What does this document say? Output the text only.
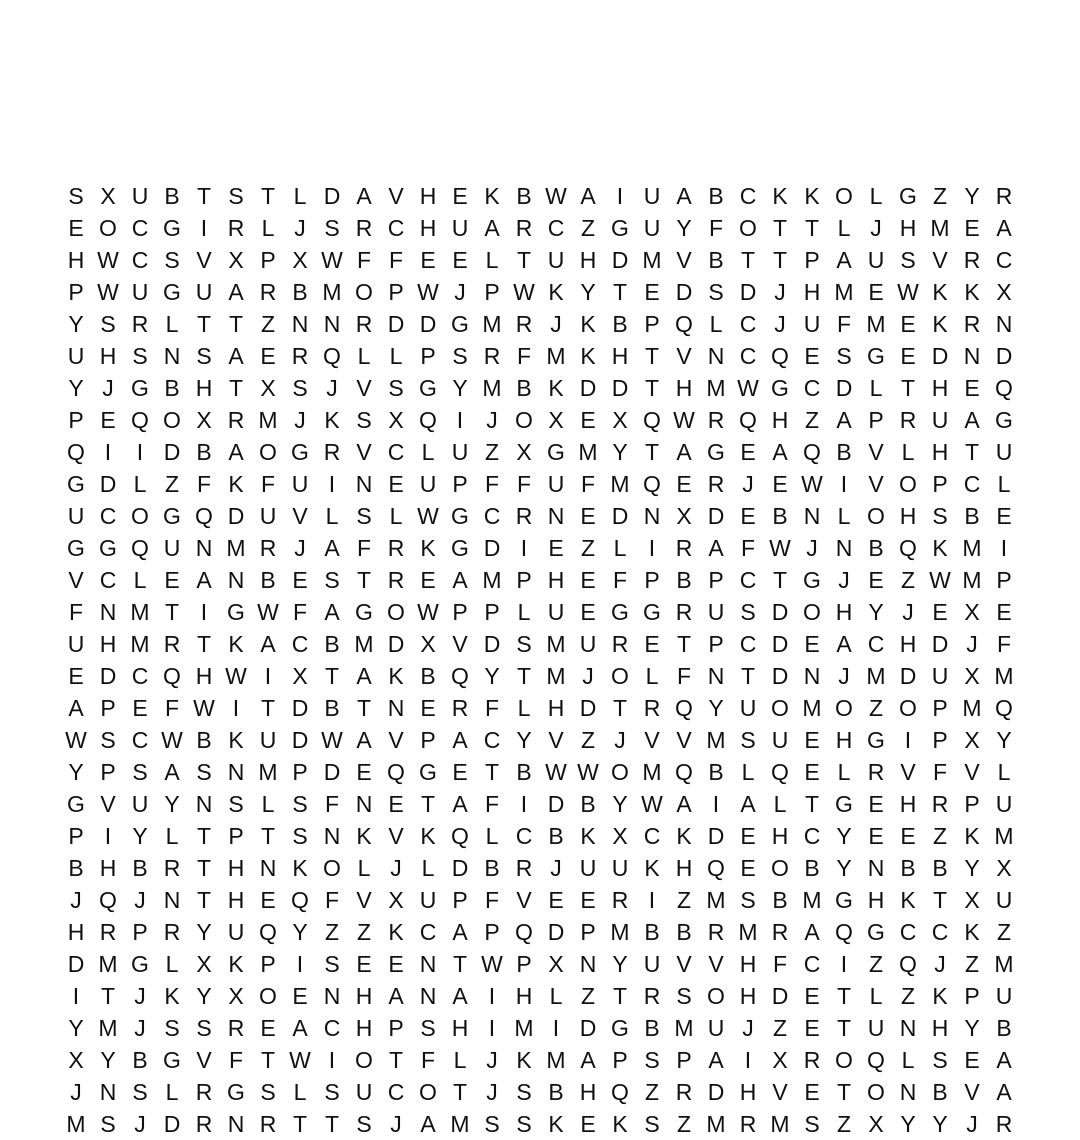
S X U B T S T L D A V H E K B W A I U A B C K K O L G Z Y R
E O C G I R L J S R C H U A R C Z G U Y F O T T L J H M E A
H W C S V X P X W F F E E L T U H D M V B T T P A U S V R C
P W U G U A R B M O P W J P W K Y T E D S D J H M E W K K X
Y S R L T T Z N N R D D G M R J K B P Q L C J U F M E K R N
U H S N S A E R Q L L P S R F M K H T V N C Q E S G E D N D
Y J G B H T X S J V S G Y M B K D D T H M W G C D L T H E Q
P E Q O X R M J K S X Q I	J O X E X Q W R Q H Z A P R U A G
Q I	I D B A O G R V C L U Z X G M Y T A G E A Q B V L H T U
G D L Z F K F U I N E U P F F U F M Q E R J E W I V O P C L
U C O G Q D U V L S L W G C R N E D N X D E B N L O H S B E
G G Q U N M R J A F R K G D I E Z L I R A F W J N B Q K M I
V C L E A N B E S T R E A M P H E F P B P C T G J E Z W M P
F N M T I G W F A G O W P P L U E G G R U S D O H Y J E X E
U H M R T K A C B M D X V D S M U R E T P C D E A C H D J F
E D C Q H W I X T A K B Q Y T M J O L F N T D N J M D U X M
A P E F W I T D B T N E R F L H D T R Q Y U O M O Z O P M Q
W S C W B K U D W A V P A C Y V Z J V V M S U E H G I P X Y
Y P S A S N M P D E Q G E T B W W O M Q B L Q E L R V F V L
G V U Y N S L S F N E T A F I D B Y W A I A L T G E H R P U
P I Y L T P T S N K V K Q L C B K X C K D E H C Y E E Z K M
B H B R T H N K O L J L D B R J U U K H Q E O B Y N B B Y X
J Q J N T H E Q F V X U P F V E E R I Z M S B M G H K T X U
H R P R Y U Q Y Z Z K C A P Q D P M B B R M R A Q G C C K Z
D M G L X K P I S E E N T W P X N Y U V V H F C I Z Q J Z M
I T J K Y X O E N H A N A I H L Z T R S O H D E T L Z K P U
Y M J S S R E A C H P S H I M I D G B M U J Z E T U N H Y B
X Y B G V F T W I O T F L J K M A P S P A I X R O Q L S E A
J N S L R G S L S U C O T J S B H Q Z R D H V E T O N B V A
M S J D R N R T T S J A M S S K E K S Z M R M S Z X Y Y J R
